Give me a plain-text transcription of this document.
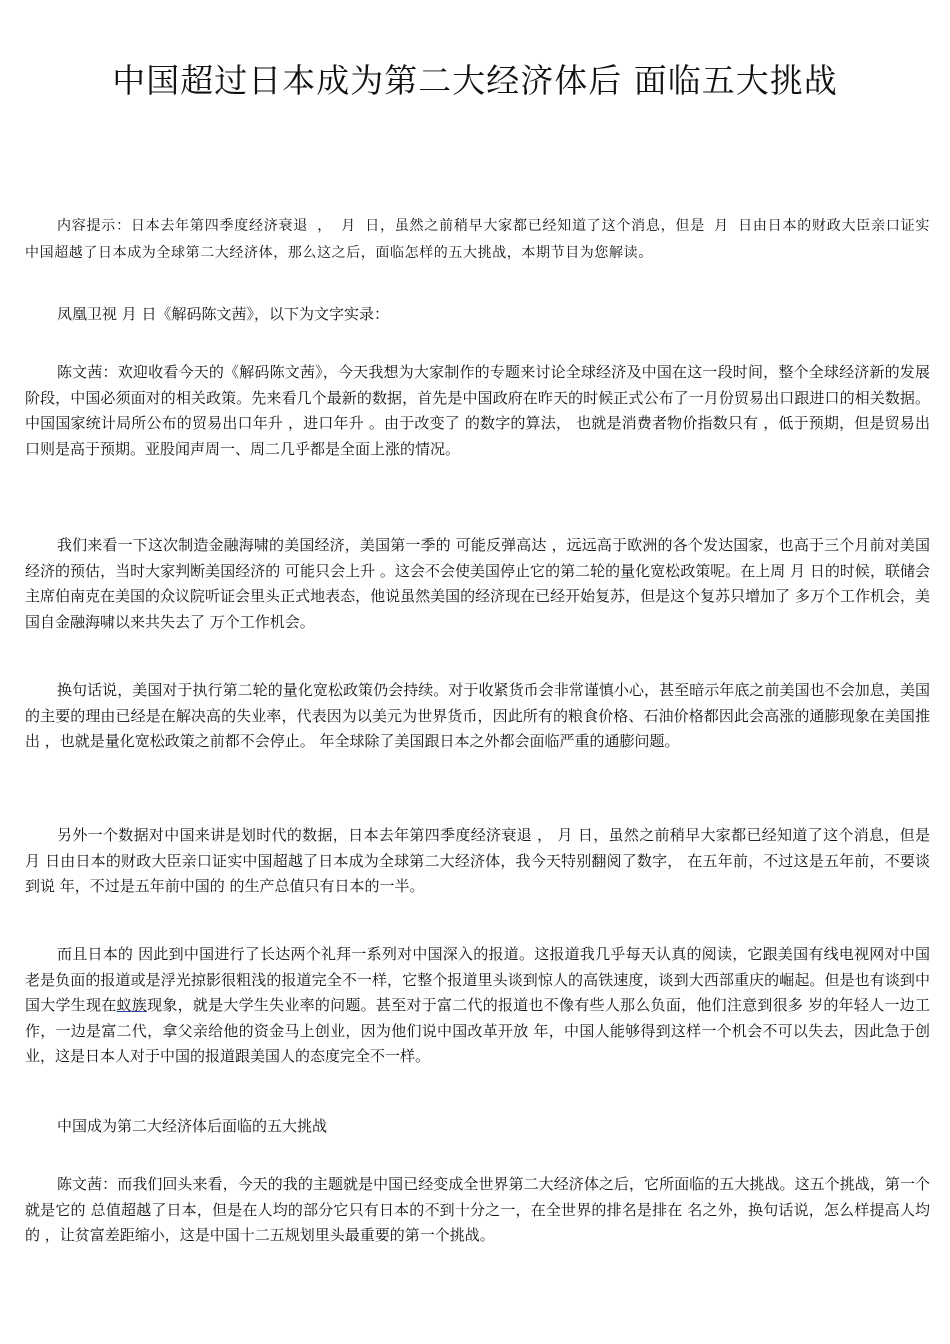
中国超过日本成为第二大经济体后 面临五大挑战

内容提示：日本去年第四季度经济衰退 ， 月 日，虽然之前稍早大家都已经知道了这个消息，但是 月 日由日本的财政大臣亲口证实中国超越了日本成为全球第二大经济体，那么这之后，面临怎样的五大挑战，本期节目为您解读。

凤凰卫视 月 日《解码陈文茜》，以下为文字实录：

陈文茜：欢迎收看今天的《解码陈文茜》，今天我想为大家制作的专题来讨论全球经济及中国在这一段时间，整个全球经济新的发展阶段，中国必须面对的相关政策。先来看几个最新的数据，首先是中国政府在昨天的时候正式公布了一月份贸易出口跟进口的相关数据。中国国家统计局所公布的贸易出口年升 ，进口年升 。由于改变了 的数字的算法， 也就是消费者物价指数只有 ，低于预期，但是贸易出口则是高于预期。亚股闻声周一、周二几乎都是全面上涨的情况。

我们来看一下这次制造金融海啸的美国经济，美国第一季的 可能反弹高达 ，远远高于欧洲的各个发达国家，也高于三个月前对美国经济的预估，当时大家判断美国经济的 可能只会上升 。这会不会使美国停止它的第二轮的量化宽松政策呢。在上周 月 日的时候，联储会主席伯南克在美国的众议院听证会里头正式地表态，他说虽然美国的经济现在已经开始复苏，但是这个复苏只增加了 多万个工作机会，美国自金融海啸以来共失去了 万个工作机会。

换句话说，美国对于执行第二轮的量化宽松政策仍会持续。对于收紧货币会非常谨慎小心，甚至暗示年底之前美国也不会加息，美国 的主要的理由已经是在解决高的失业率，代表因为以美元为世界货币，因此所有的粮食价格、石油价格都因此会高涨的通膨现象在美国推出 ，也就是量化宽松政策之前都不会停止。 年全球除了美国跟日本之外都会面临严重的通膨问题。

另外一个数据对中国来讲是划时代的数据，日本去年第四季度经济衰退 ， 月 日，虽然之前稍早大家都已经知道了这个消息，但是 月 日由日本的财政大臣亲口证实中国超越了日本成为全球第二大经济体，我今天特别翻阅了数字， 在五年前，不过这是五年前，不要谈到说 年，不过是五年前中国的 的生产总值只有日本的一半。

而且日本的 因此到中国进行了长达两个礼拜一系列对中国深入的报道。这报道我几乎每天认真的阅读，它跟美国有线电视网对中国老是负面的报道或是浮光掠影很粗浅的报道完全不一样，它整个报道里头谈到惊人的高铁速度，谈到大西部重庆的崛起。但是也有谈到中国大学生现在蚁族现象，就是大学生失业率的问题。甚至对于富二代的报道也不像有些人那么负面，他们注意到很多 岁的年轻人一边工作，一边是富二代，拿父亲给他的资金马上创业，因为他们说中国改革开放 年，中国人能够得到这样一个机会不可以失去，因此急于创业，这是日本人对于中国的报道跟美国人的态度完全不一样。

中国成为第二大经济体后面临的五大挑战

陈文茜：而我们回头来看，今天的我的主题就是中国已经变成全世界第二大经济体之后，它所面临的五大挑战。这五个挑战，第一个就是它的 总值超越了日本，但是在人均的部分它只有日本的不到十分之一，在全世界的排名是排在 名之外，换句话说，怎么样提高人均的 ，让贫富差距缩小，这是中国十二五规划里头最重要的第一个挑战。
